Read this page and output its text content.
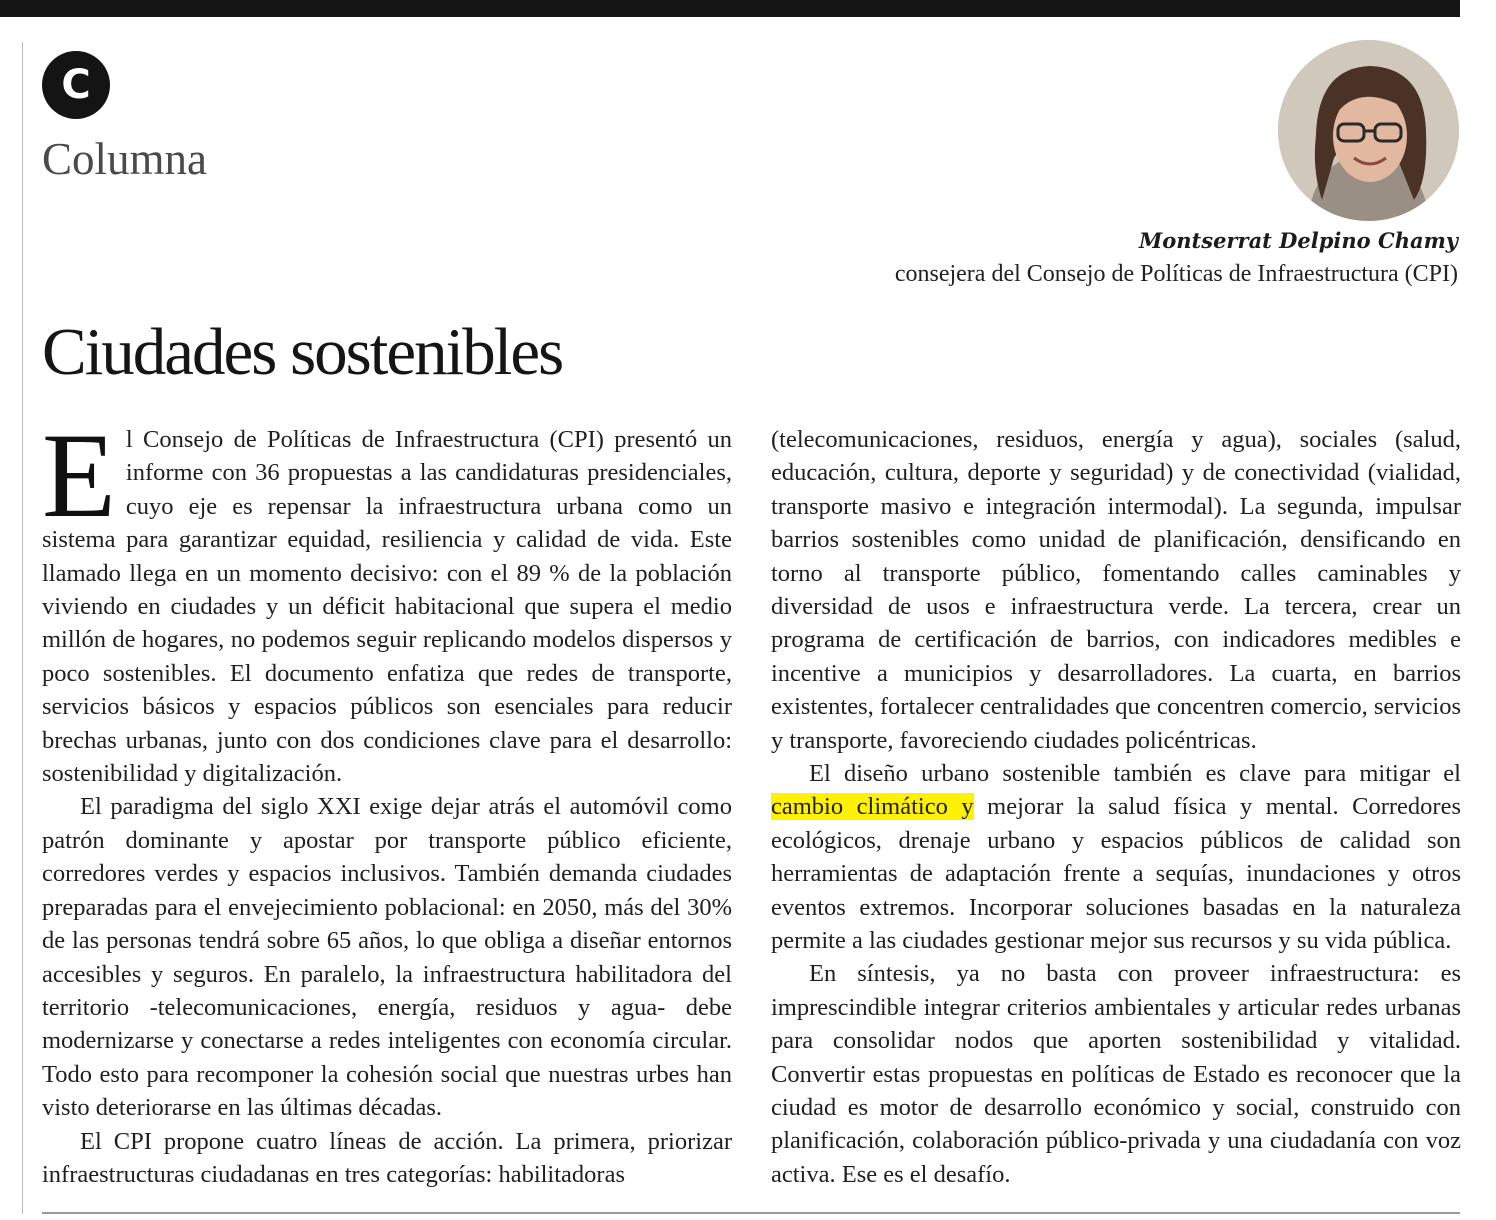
C
Columna
Montserrat Delpino Chamy
consejera del Consejo de Políticas de Infraestructura (CPI)
Ciudades sostenibles

El Consejo de Políticas de Infraestructura (CPI) presentó un informe con 36 propuestas a las candidaturas presidenciales, cuyo eje es repensar la infraestructura urbana como un sistema para garantizar equidad, resiliencia y calidad de vida. Este llamado llega en un momento decisivo: con el 89 % de la población viviendo en ciudades y un déficit habitacional que supera el medio millón de hogares, no podemos seguir replicando modelos dispersos y poco sostenibles. El documento enfatiza que redes de transporte, servicios básicos y espacios públicos son esenciales para reducir brechas urbanas, junto con dos condiciones clave para el desarrollo: sostenibilidad y digitalización.

El paradigma del siglo XXI exige dejar atrás el automóvil como patrón dominante y apostar por transporte público eficiente, corredores verdes y espacios inclusivos. También demanda ciudades preparadas para el envejecimiento poblacional: en 2050, más del 30% de las personas tendrá sobre 65 años, lo que obliga a diseñar entornos accesibles y seguros. En paralelo, la infraestructura habilitadora del territorio -telecomunicaciones, energía, residuos y agua- debe modernizarse y conectarse a redes inteligentes con economía circular. Todo esto para recomponer la cohesión social que nuestras urbes han visto deteriorarse en las últimas décadas.

El CPI propone cuatro líneas de acción. La primera, priorizar infraestructuras ciudadanas en tres categorías: habilitadoras

El diseño urbano sostenible también es clave para mitigar el cambio climático y mejorar la salud física y mental. Corredores ecológicos, drenaje urbano y espacios públicos de calidad son herramientas de adaptación frente a sequías, inundaciones y otros eventos extremos. Incorporar soluciones basadas en la naturaleza permite a las ciudades gestionar mejor sus recursos y su vida pública.

En síntesis, ya no basta con proveer infraestructura: es imprescindible integrar criterios ambientales y articular redes urbanas para consolidar nodos que aporten sostenibilidad y vitalidad. Convertir estas propuestas en políticas de Estado es reconocer que la ciudad es motor de desarrollo económico y social, construido con planificación, colaboración público-privada y una ciudadanía con voz activa. Ese es el desafío.

(telecomunicaciones, residuos, energía y agua), sociales (salud, educación, cultura, deporte y seguridad) y de conectividad (vialidad, transporte masivo e integración intermodal). La segunda, impulsar barrios sostenibles como unidad de planificación, densificando en torno al transporte público, fomentando calles caminables y diversidad de usos e infraestructura verde. La tercera, crear un programa de certificación de barrios, con indicadores medibles e incentive a municipios y desarrolladores. La cuarta, en barrios existentes, fortalecer centralidades que concentren comercio, servicios y transporte, favoreciendo ciudades policéntricas.
